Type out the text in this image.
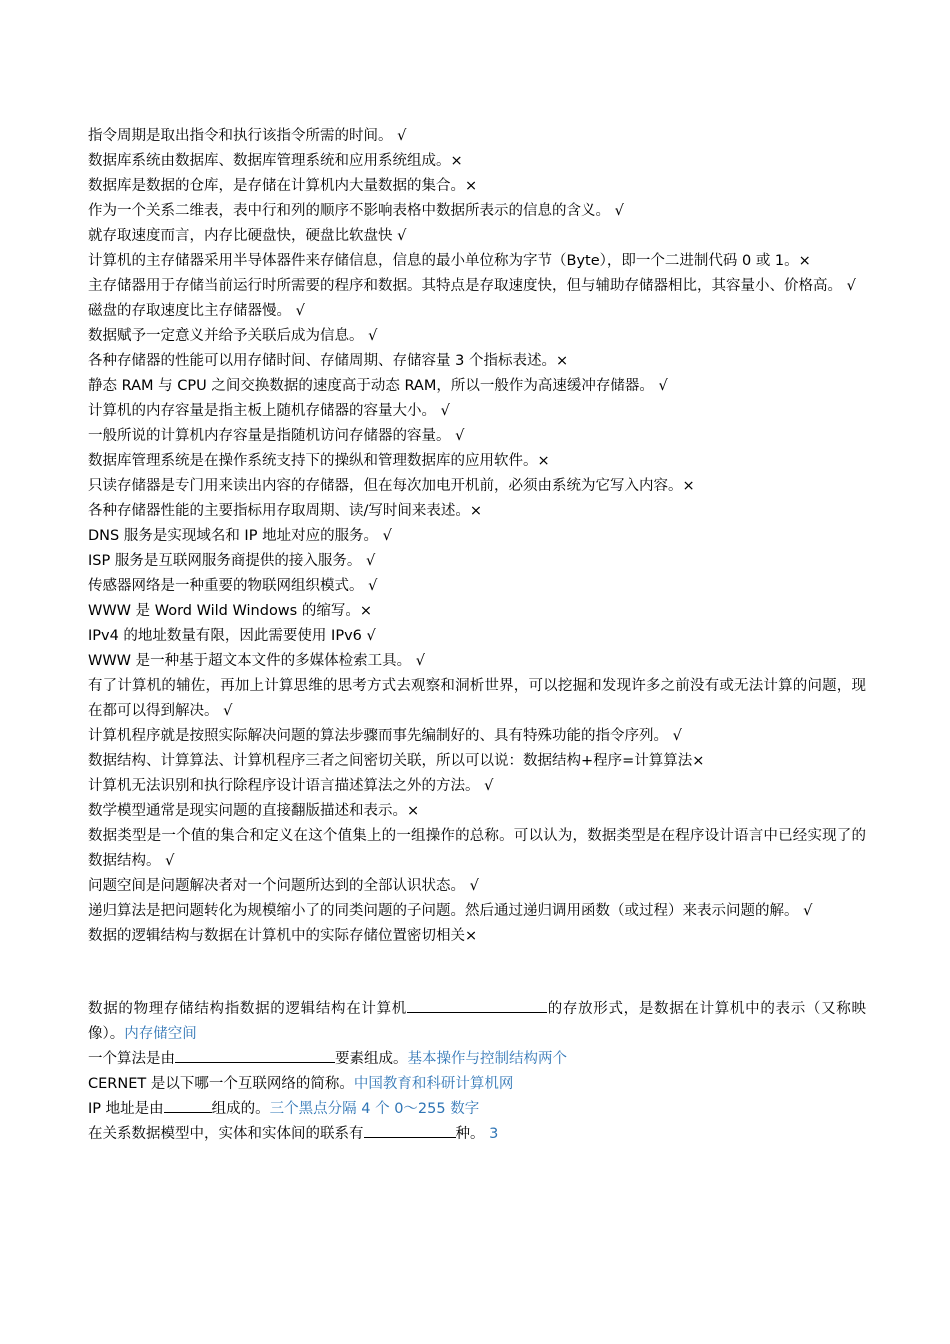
指令周期是取出指令和执行该指令所需的时间。 √

数据库系统由数据库、数据库管理系统和应用系统组成。×

数据库是数据的仓库，是存储在计算机内大量数据的集合。×

作为一个关系二维表，表中行和列的顺序不影响表格中数据所表示的信息的含义。 √

就存取速度而言，内存比硬盘快，硬盘比软盘快 √

计算机的主存储器采用半导体器件来存储信息，信息的最小单位称为字节（Byte），即一个二进制代码 0 或 1。×

主存储器用于存储当前运行时所需要的程序和数据。其特点是存取速度快，但与辅助存储器相比，其容量小、价格高。 √

磁盘的存取速度比主存储器慢。 √

数据赋予一定意义并给予关联后成为信息。 √

各种存储器的性能可以用存储时间、存储周期、存储容量 3 个指标表述。×

静态 RAM 与 CPU 之间交换数据的速度高于动态 RAM，所以一般作为高速缓冲存储器。 √

计算机的内存容量是指主板上随机存储器的容量大小。 √

一般所说的计算机内存容量是指随机访问存储器的容量。 √

数据库管理系统是在操作系统支持下的操纵和管理数据库的应用软件。×

只读存储器是专门用来读出内容的存储器，但在每次加电开机前，必须由系统为它写入内容。×

各种存储器性能的主要指标用存取周期、读/写时间来表述。×

DNS 服务是实现域名和 IP 地址对应的服务。 √

ISP 服务是互联网服务商提供的接入服务。 √

传感器网络是一种重要的物联网组织模式。 √

WWW 是 Word Wild Windows 的缩写。×

IPv4 的地址数量有限，因此需要使用 IPv6 √

WWW 是一种基于超文本文件的多媒体检索工具。 √

有了计算机的辅佐，再加上计算思维的思考方式去观察和洞析世界，可以挖掘和发现许多之前没有或无法计算的问题，现在都可以得到解决。 √

计算机程序就是按照实际解决问题的算法步骤而事先编制好的、具有特殊功能的指令序列。 √

数据结构、计算算法、计算机程序三者之间密切关联，所以可以说：数据结构+程序=计算算法×

计算机无法识别和执行除程序设计语言描述算法之外的方法。 √

数学模型通常是现实问题的直接翻版描述和表示。×

数据类型是一个值的集合和定义在这个值集上的一组操作的总称。可以认为，数据类型是在程序设计语言中已经实现了的数据结构。 √

问题空间是问题解决者对一个问题所达到的全部认识状态。 √

递归算法是把问题转化为规模缩小了的同类问题的子问题。然后通过递归调用函数（或过程）来表示问题的解。 √

数据的逻辑结构与数据在计算机中的实际存储位置密切相关×

数据的物理存储结构指数据的逻辑结构在计算机	的存放形式，是数据在计算机中的表示（又称映像）。内存储空间

一个算法是由	要素组成。基本操作与控制结构两个

CERNET 是以下哪一个互联网络的简称。中国教育和科研计算机网

IP 地址是由	组成的。三个黑点分隔 4 个 0～255 数字

在关系数据模型中，实体和实体间的联系有	种。 3
